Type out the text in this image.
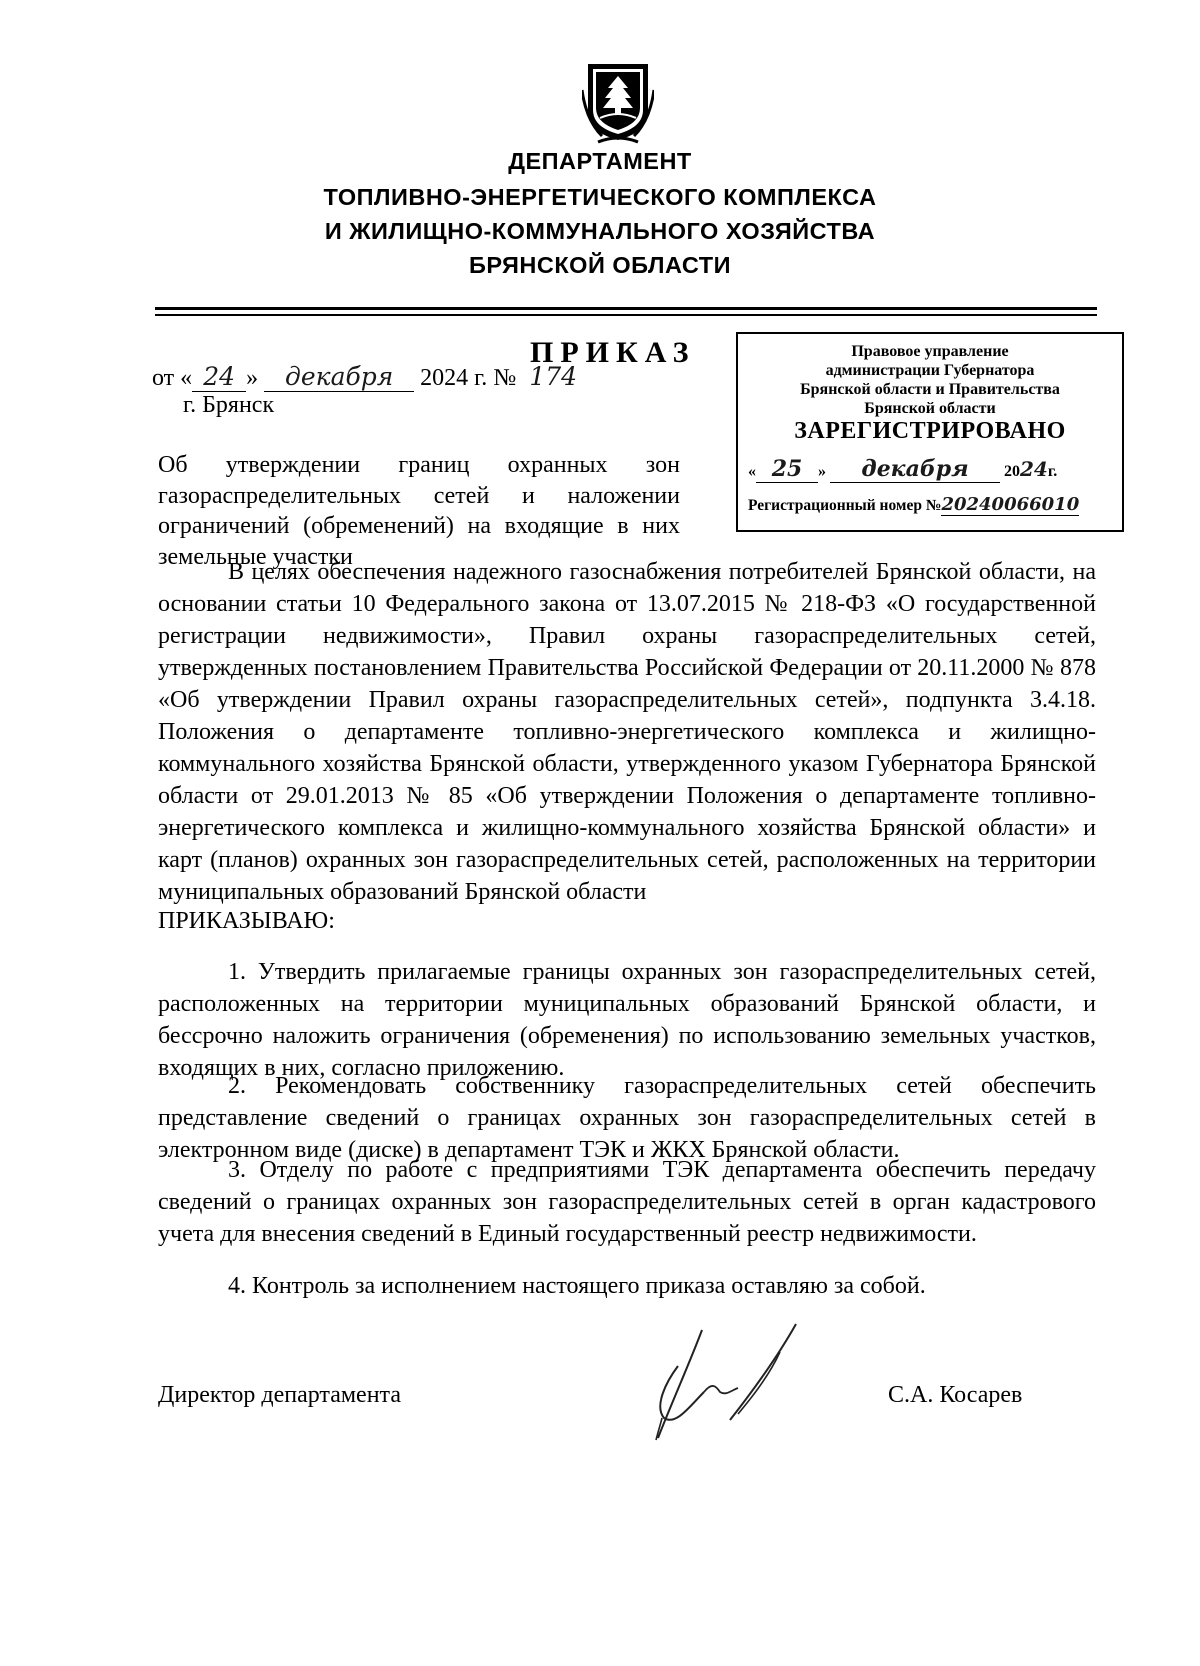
ДЕПАРТАМЕНТ
ТОПЛИВНО-ЭНЕРГЕТИЧЕСКОГО КОМПЛЕКСА
И ЖИЛИЩНО-КОММУНАЛЬНОГО ХОЗЯЙСТВА
БРЯНСКОЙ ОБЛАСТИ
ПРИКАЗ
от « 24 » декабря 2024 г. № 174
г. Брянск
Правовое управление
администрации Губернатора
Брянской области и Правительства
Брянской области
ЗАРЕГИСТРИРОВАНО
« 25 » декабря 2024г.
Регистрационный номер №20240066010
Об утверждении границ охранных зон газораспределительных сетей и наложении ограничений (обременений) на входящие в них земельные участки

В целях обеспечения надежного газоснабжения потребителей Брянской области, на основании статьи 10 Федерального закона от 13.07.2015 № 218-ФЗ «О государственной регистрации недвижимости», Правил охраны газораспределительных сетей, утвержденных постановлением Правительства Российской Федерации от 20.11.2000 № 878 «Об утверждении Правил охраны газораспределительных сетей», подпункта 3.4.18. Положения о департаменте топливно-энергетического комплекса и жилищно-коммунального хозяйства Брянской области, утвержденного указом Губернатора Брянской области от 29.01.2013 № 85 «Об утверждении Положения о департаменте топливно-энергетического комплекса и жилищно-коммунального хозяйства Брянской области» и карт (планов) охранных зон газораспределительных сетей, расположенных на территории муниципальных образований Брянской области

ПРИКАЗЫВАЮ:

1. Утвердить прилагаемые границы охранных зон газораспределительных сетей, расположенных на территории муниципальных образований Брянской области, и бессрочно наложить ограничения (обременения) по использованию земельных участков, входящих в них, согласно приложению.

2. Рекомендовать собственнику газораспределительных сетей обеспечить представление сведений о границах охранных зон газораспределительных сетей в электронном виде (диске) в департамент ТЭК и ЖКХ Брянской области.

3. Отделу по работе с предприятиями ТЭК департамента обеспечить передачу сведений о границах охранных зон газораспределительных сетей в орган кадастрового учета для внесения сведений в Единый государственный реестр недвижимости.

4. Контроль за исполнением настоящего приказа оставляю за собой.

Директор департамента	С.А. Косарев
